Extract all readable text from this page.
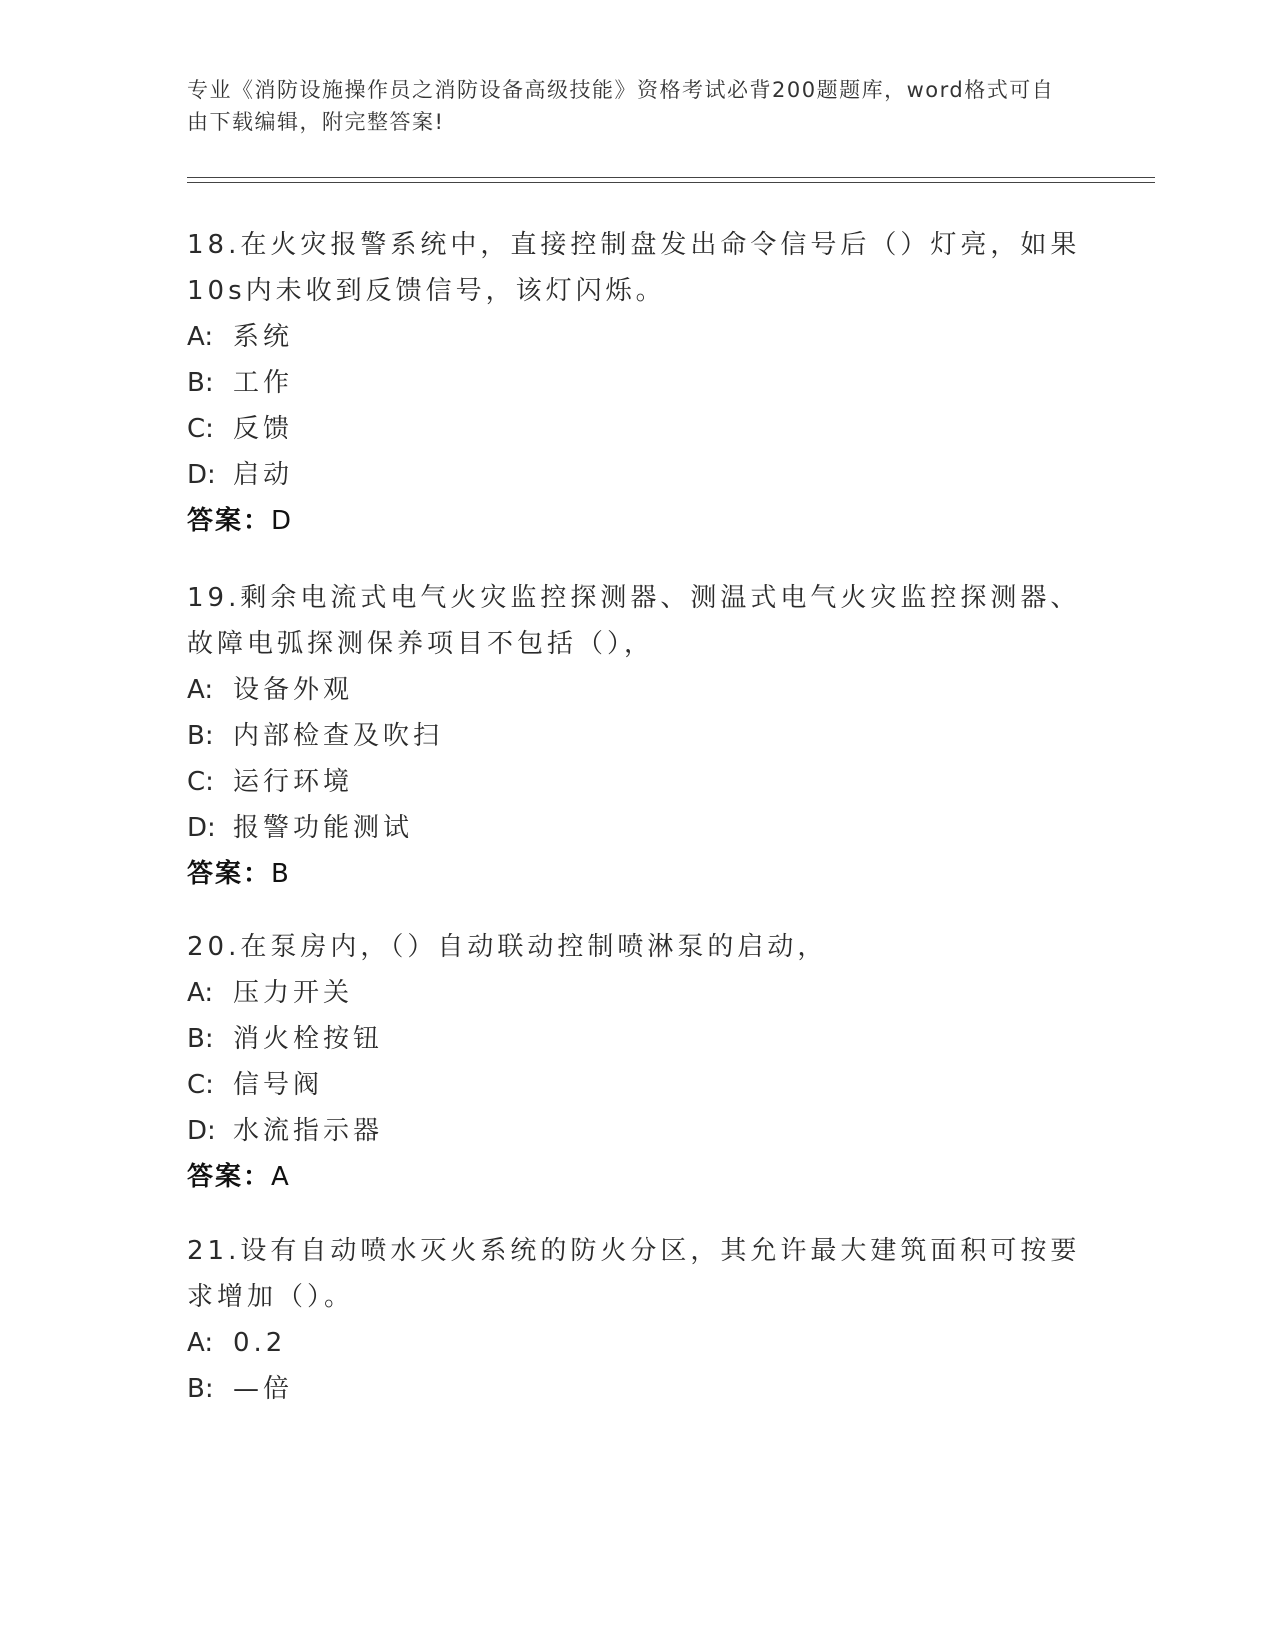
专业《消防设施操作员之消防设备高级技能》资格考试必背200题题库，word格式可自由下载编辑，附完整答案!

18.在火灾报警系统中，直接控制盘发出命令信号后（）灯亮，如果10s内未收到反馈信号，该灯闪烁。

A: 系统
B: 工作
C: 反馈
D: 启动
答案：D

19.剩余电流式电气火灾监控探测器、测温式电气火灾监控探测器、故障电弧探测保养项目不包括（），

A: 设备外观
B: 内部检查及吹扫
C: 运行环境
D: 报警功能测试
答案：B

20.在泵房内，（）自动联动控制喷淋泵的启动，

A: 压力开关
B: 消火栓按钮
C: 信号阀
D: 水流指示器
答案：A

21.设有自动喷水灭火系统的防火分区，其允许最大建筑面积可按要求增加（）。

A: 0.2
B: —倍
